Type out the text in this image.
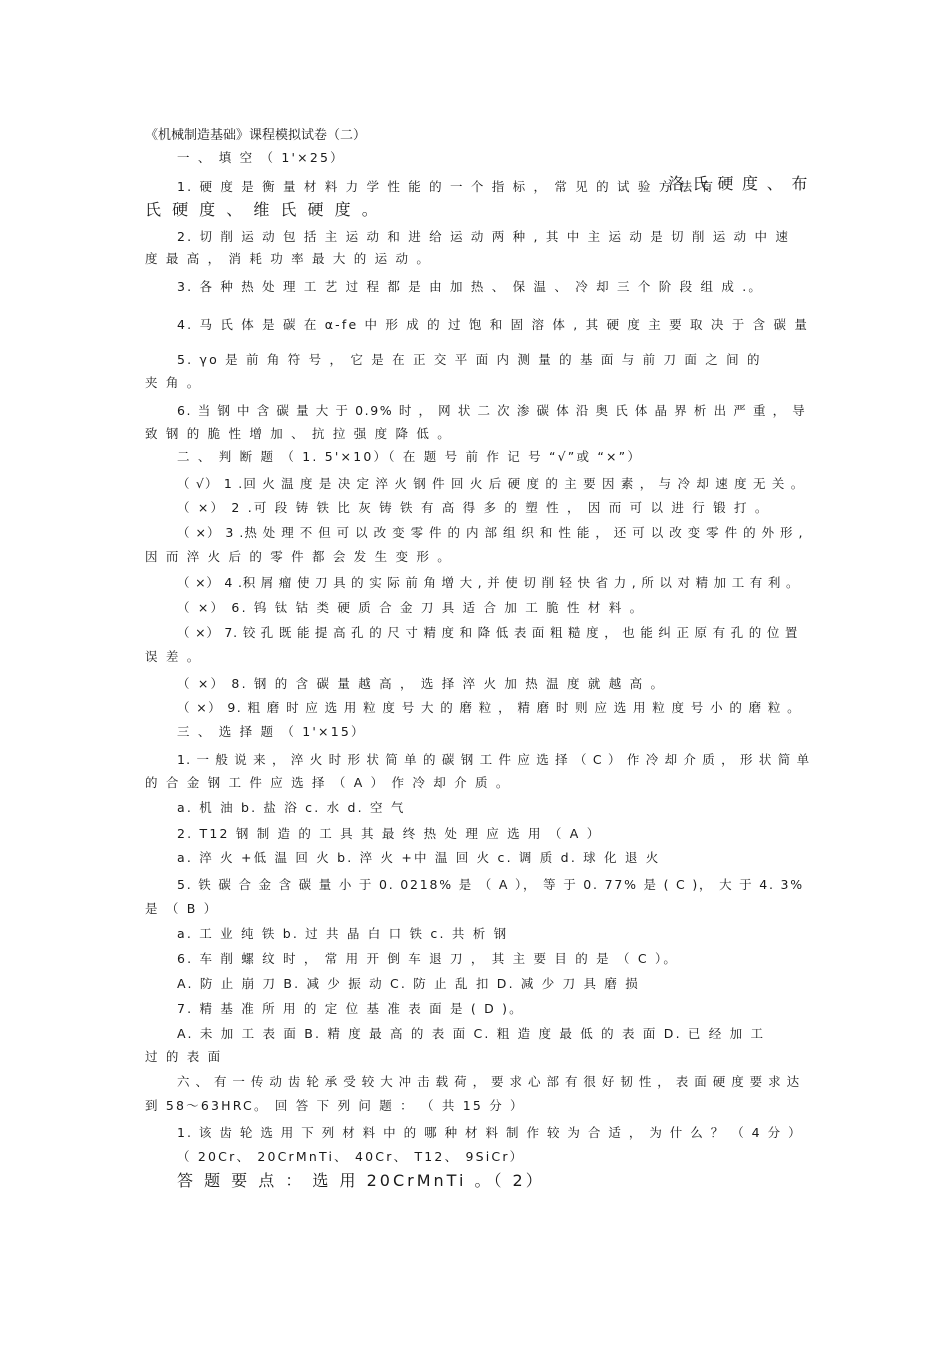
《机械制造基础》课程模拟试卷（二）
一 、 填 空 （ 1'×25）
1. 硬 度 是 衡 量 材 料 力 学 性 能 的 一 个 指 标 ， 常 见 的 试 验 方 法 有
洛 氏 硬 度 、 布
氏 硬 度 、 维 氏 硬 度 。
2. 切 削 运 动 包 括 主 运 动 和 进 给 运 动 两 种 , 其 中 主 运 动 是 切 削 运 动 中 速
度 最 高 ， 消 耗 功 率 最 大 的 运 动 。
3. 各 种 热 处 理 工 艺 过 程 都 是 由 加 热 、 保 温 、 冷 却 三 个 阶 段 组 成 .。
4. 马 氏 体 是 碳 在 α-fe 中 形 成 的 过 饱 和 固 溶 体 , 其 硬 度 主 要 取 决 于 含 碳 量
5. γo 是 前 角 符 号 ， 它 是 在 正 交 平 面 内 测 量 的 基 面 与 前 刀 面 之 间 的
夹 角 。
6. 当 钢 中 含 碳 量 大 于 0.9% 时 ， 网 状 二 次 渗 碳 体 沿 奥 氏 体 晶 界 析 出 严 重 ， 导
致 钢 的 脆 性 增 加 、 抗 拉 强 度 降 低 。
二 、 判 断 题 （ 1. 5'×10）（ 在 题 号 前 作 记 号 “√”或 “×”）
（ √） 1 .回 火 温 度 是 决 定 淬 火 钢 件 回 火 后 硬 度 的 主 要 因 素 ， 与 冷 却 速 度 无 关 。
（ ×） 2 .可 段 铸 铁 比 灰 铸 铁 有 高 得 多 的 塑 性 ， 因 而 可 以 进 行 锻 打 。
（ ×） 3 .热 处 理 不 但 可 以 改 变 零 件 的 内 部 组 织 和 性 能 ， 还 可 以 改 变 零 件 的 外 形 ,
因 而 淬 火 后 的 零 件 都 会 发 生 变 形 。
（ ×） 4 .积 屑 瘤 使 刀 具 的 实 际 前 角 增 大 , 并 使 切 削 轻 快 省 力 , 所 以 对 精 加 工 有 利 。
（ ×） 6. 钨 钛 钴 类 硬 质 合 金 刀 具 适 合 加 工 脆 性 材 料 。
（ ×） 7. 铰 孔 既 能 提 高 孔 的 尺 寸 精 度 和 降 低 表 面 粗 糙 度 ， 也 能 纠 正 原 有 孔 的 位 置
误 差 。
（ ×） 8. 钢 的 含 碳 量 越 高 ， 选 择 淬 火 加 热 温 度 就 越 高 。
（ ×） 9. 粗 磨 时 应 选 用 粒 度 号 大 的 磨 粒 ， 精 磨 时 则 应 选 用 粒 度 号 小 的 磨 粒 。
三 、 选 择 题 （ 1'×15）
1. 一 般 说 来 ， 淬 火 时 形 状 简 单 的 碳 钢 工 件 应 选 择 （ C ） 作 冷 却 介 质 ， 形 状 简 单
的 合 金 钢 工 件 应 选 择 （ A ） 作 冷 却 介 质 。
a. 机 油 b. 盐 浴 c. 水 d. 空 气
2. T12 钢 制 造 的 工 具 其 最 终 热 处 理 应 选 用 （ A ）
a. 淬 火 +低 温 回 火 b. 淬 火 +中 温 回 火 c. 调 质 d. 球 化 退 火
5. 铁 碳 合 金 含 碳 量 小 于 0. 0218% 是 （ A ）， 等 于 0. 77% 是 ( C )， 大 于 4. 3%
是 （ B ）
a. 工 业 纯 铁 b. 过 共 晶 白 口 铁 c. 共 析 钢
6. 车 削 螺 纹 时 ， 常 用 开 倒 车 退 刀 ， 其 主 要 目 的 是 （ C ）。
A. 防 止 崩 刀 B. 减 少 振 动 C. 防 止 乱 扣 D. 减 少 刀 具 磨 损
7. 精 基 准 所 用 的 定 位 基 准 表 面 是 ( D )。
A. 未 加 工 表 面 B. 精 度 最 高 的 表 面 C. 粗 造 度 最 低 的 表 面 D. 已 经 加 工
过 的 表 面
六 、 有 一 传 动 齿 轮 承 受 较 大 冲 击 载 荷 ， 要 求 心 部 有 很 好 韧 性 ， 表 面 硬 度 要 求 达
到 58～63HRC。 回 答 下 列 问 题 ： （ 共 15 分 ）
1. 该 齿 轮 选 用 下 列 材 料 中 的 哪 种 材 料 制 作 较 为 合 适 ， 为 什 么 ？ （ 4 分 ）
（ 20Cr、 20CrMnTi、 40Cr、 T12、 9SiCr）
答 题 要 点 ： 选 用 20CrMnTi 。（ 2）
